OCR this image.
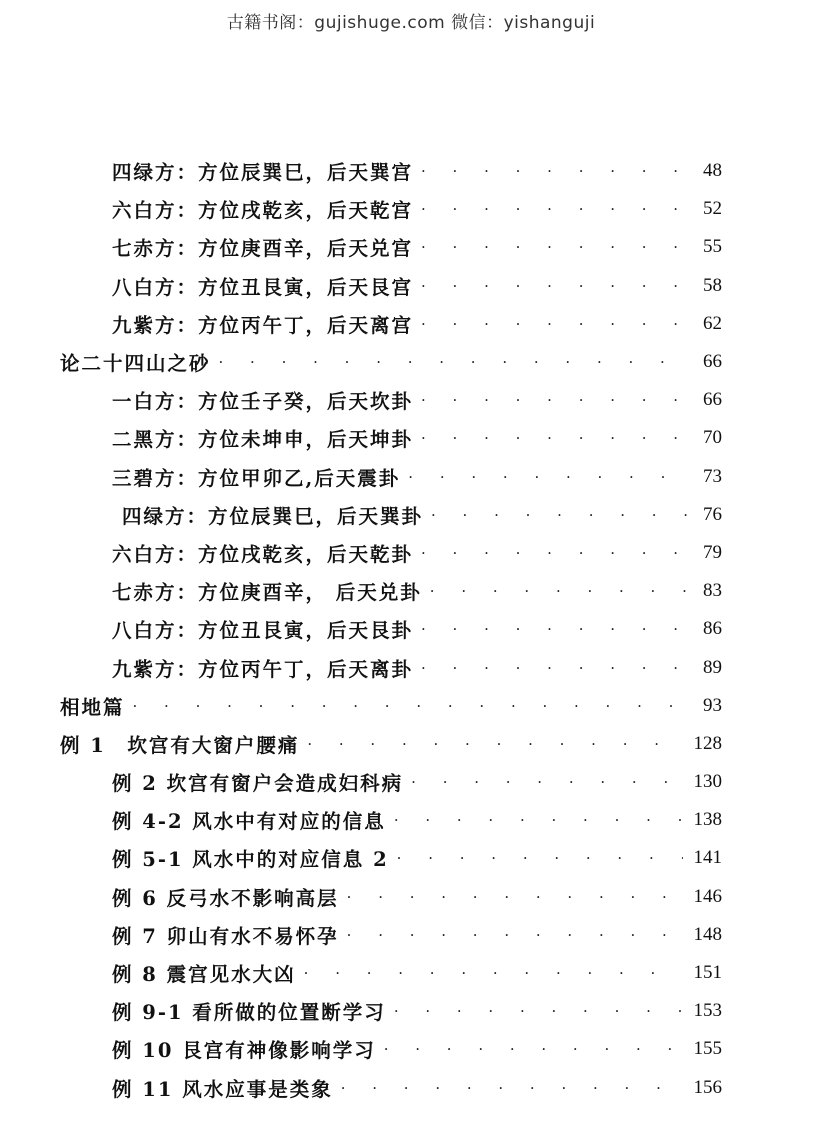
古籍书阁：gujishuge.com 微信：yishanguji
四绿方：方位辰巽巳，后天巽宫 · · ·	48
六白方：方位戌乾亥，后天乾宫 · · ·	52
七赤方：方位庚酉辛，后天兑宫 · · ·	55
八白方：方位丑艮寅，后天艮宫 · · ·	58
九紫方：方位丙午丁，后天离宫 · · ·	62
论二十四山之砂 · · ·	66
一白方：方位壬子癸，后天坎卦 · · ·	66
二黑方：方位未坤申，后天坤卦 · · ·	70
三碧方：方位甲卯乙,后天震卦 · · ·	73
四绿方：方位辰巽巳，后天巽卦 · · ·	76
六白方：方位戌乾亥，后天乾卦 · · ·	79
七赤方：方位庚酉辛， 后天兑卦 · · ·	83
八白方：方位丑艮寅，后天艮卦 · · ·	86
九紫方：方位丙午丁，后天离卦 · · ·	89
相地篇 · · ·	93
例 1　坎宫有大窗户腰痛 · · ·	128
例 2 坎宫有窗户会造成妇科病 · · ·	130
例 4-2 风水中有对应的信息 · · ·	138
例 5-1 风水中的对应信息 2 · · ·	141
例 6 反弓水不影响高层 · · ·	146
例 7 卯山有水不易怀孕 · · ·	148
例 8 震宫见水大凶 · · ·	151
例 9-1 看所做的位置断学习 · · ·	153
例 10 艮宫有神像影响学习 · · ·	155
例 11 风水应事是类象 · · ·	156
